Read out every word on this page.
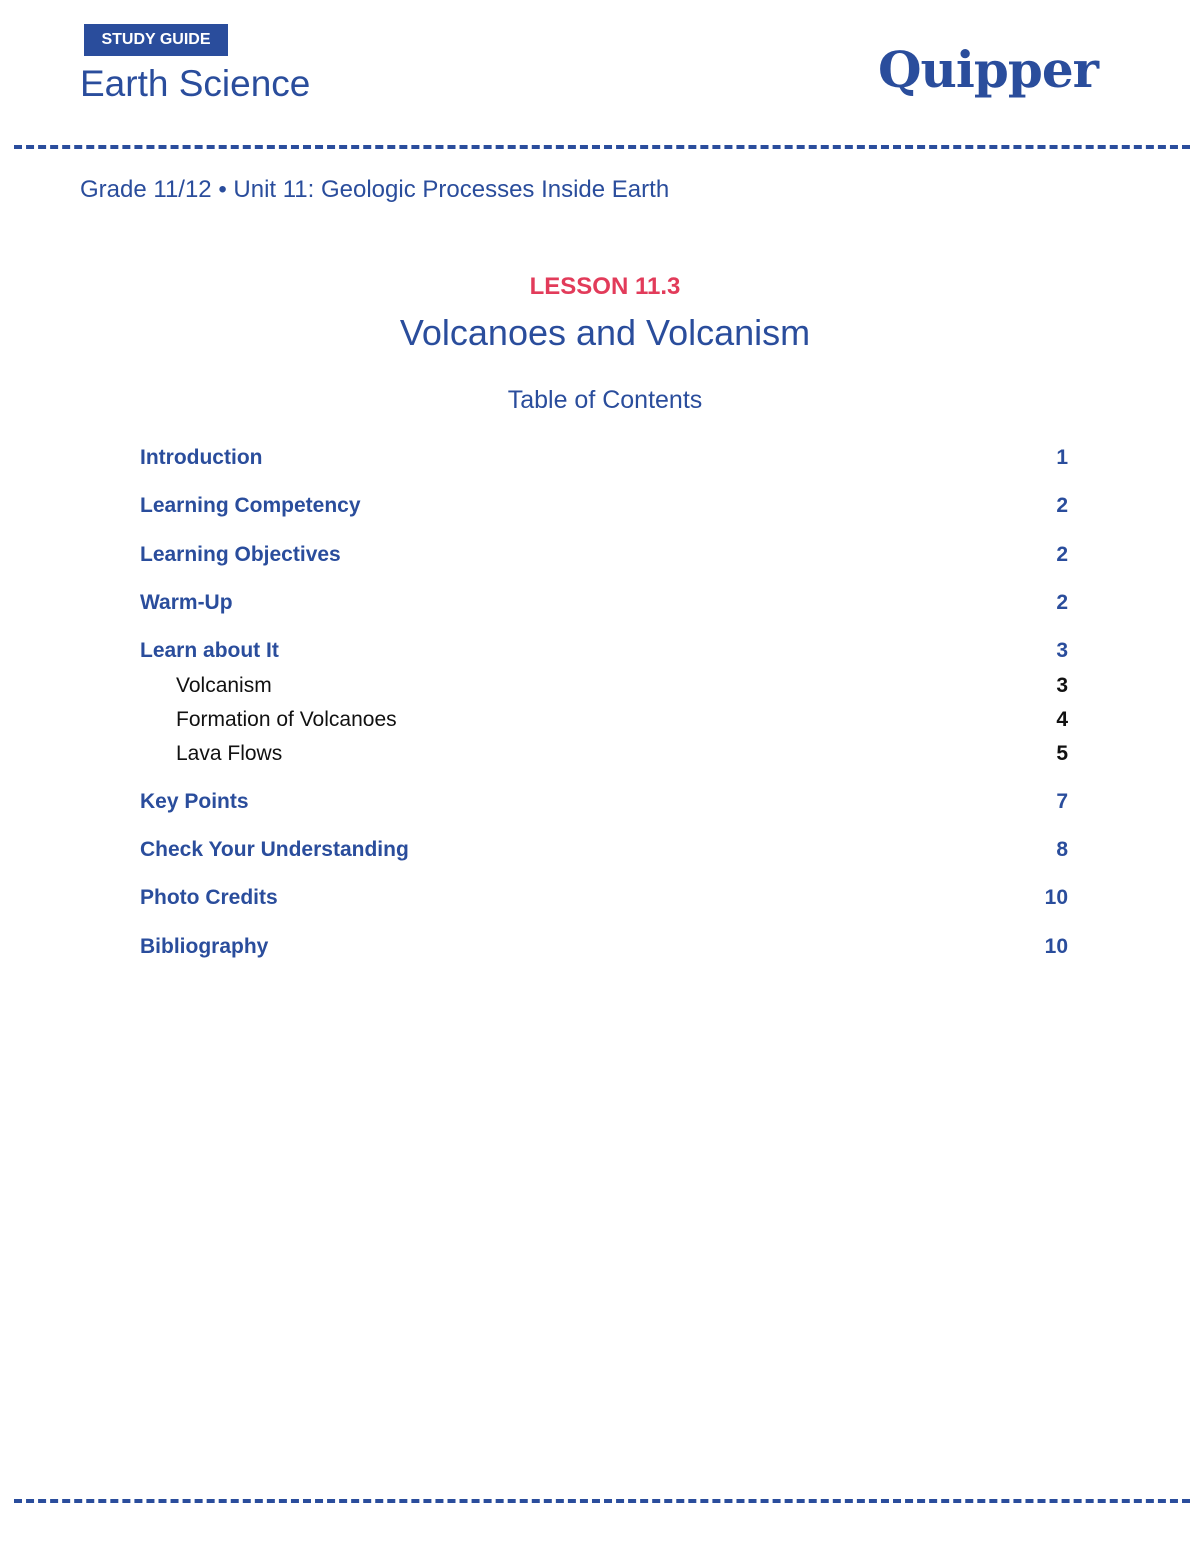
STUDY GUIDE
Earth Science	Quipper
Grade 11/12 • Unit 11: Geologic Processes Inside Earth
LESSON 11.3
Volcanoes and Volcanism
Table of Contents
Introduction	1
Learning Competency	2
Learning Objectives	2
Warm-Up	2
Learn about It	3
Volcanism	3
Formation of Volcanoes	4
Lava Flows	5
Key Points	7
Check Your Understanding	8
Photo Credits	10
Bibliography	10
